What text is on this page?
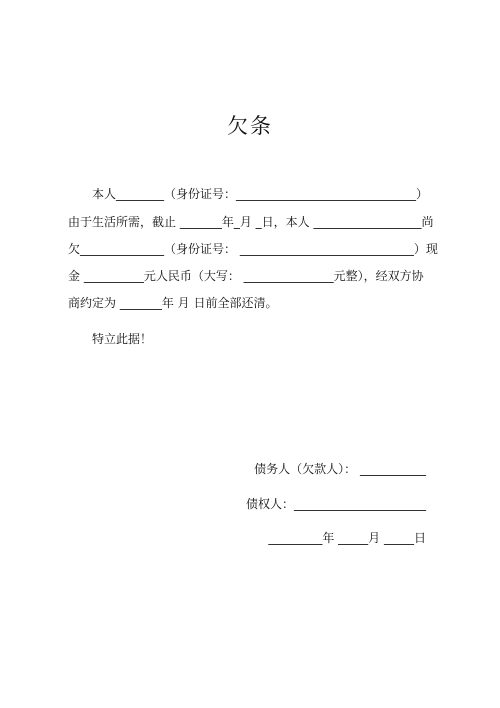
欠条
　　本人________（身份证号：______________________________）
由于生活所需，截止 _______年_月 _日，本人 __________________尚
欠______________（身份证号： _____________________________）现
金 __________元人民币（大写： _______________元整），经双方协
商约定为 _______年 月 日前全部还清。
　　特立此据！
债务人（欠款人）： ___________
债权人：______________________
_________年 _____月 _____日
